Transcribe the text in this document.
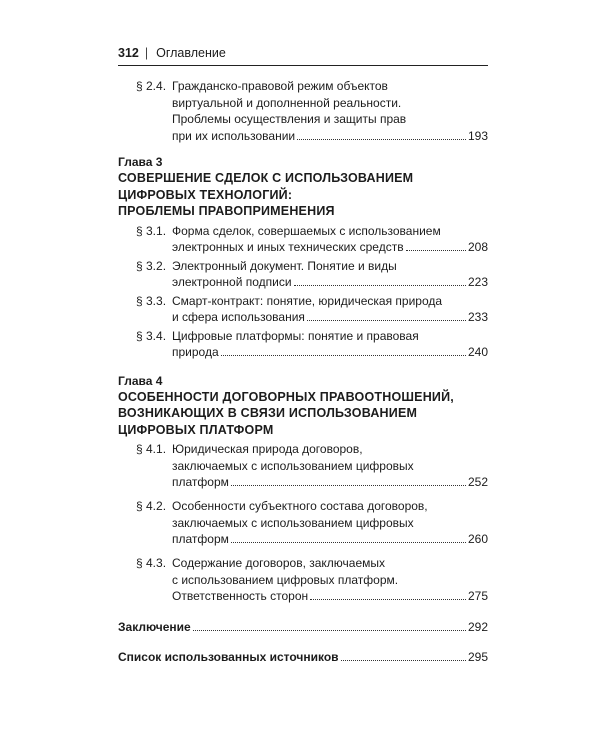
312 | Оглавление
§ 2.4. Гражданско-правовой режим объектов
виртуальной и дополненной реальности.
Проблемы осуществления и защиты прав
при их использовании	193
Глава 3
СОВЕРШЕНИЕ СДЕЛОК С ИСПОЛЬЗОВАНИЕМ
ЦИФРОВЫХ ТЕХНОЛОГИЙ:
ПРОБЛЕМЫ ПРАВОПРИМЕНЕНИЯ
§ 3.1. Форма сделок, совершаемых с использованием
электронных и иных технических средств	208
§ 3.2. Электронный документ. Понятие и виды
электронной подписи	223
§ 3.3. Смарт-контракт: понятие, юридическая природа
и сфера использования	233
§ 3.4. Цифровые платформы: понятие и правовая
природа	240
Глава 4
ОСОБЕННОСТИ ДОГОВОРНЫХ ПРАВООТНОШЕНИЙ,
ВОЗНИКАЮЩИХ В СВЯЗИ ИСПОЛЬЗОВАНИЕМ
ЦИФРОВЫХ ПЛАТФОРМ
§ 4.1. Юридическая природа договоров,
заключаемых с использованием цифровых
платформ	252
§ 4.2. Особенности субъектного состава договоров,
заключаемых с использованием цифровых
платформ	260
§ 4.3. Содержание договоров, заключаемых
с использованием цифровых платформ.
Ответственность сторон	275
Заключение	292
Список использованных источников	295
